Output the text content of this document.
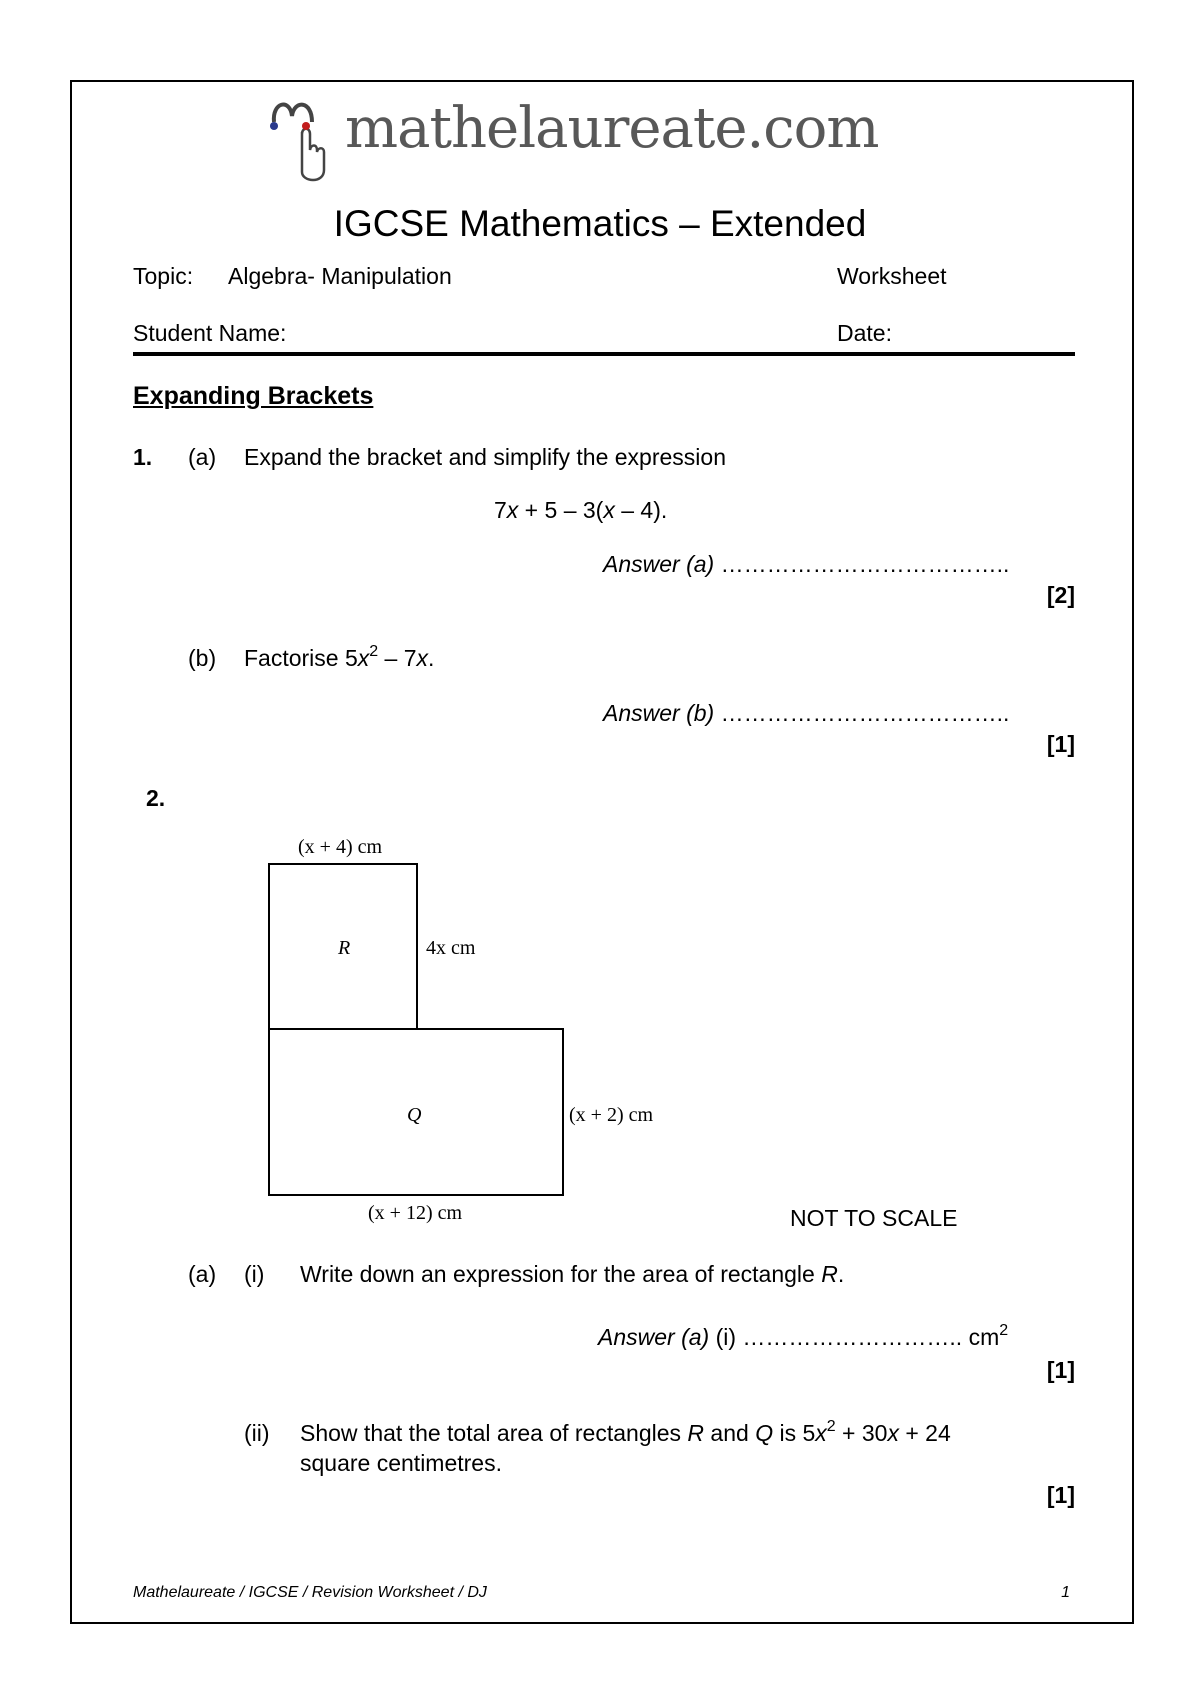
mathelaureate.com
IGCSE Mathematics – Extended
Topic: Algebra- Manipulation	Worksheet
Student Name:	Date:
Expanding Brackets
1. (a) Expand the bracket and simplify the expression
7x + 5 – 3(x – 4).
Answer (a) ………………………………..
[2]
(b) Factorise $5x^2 - 7x$.
Answer (b) ………………………………..
[1]
2.
(x + 4) cm
R	4x cm
Q	(x + 2) cm
(x + 12) cm	NOT TO SCALE
(a) (i) Write down an expression for the area of rectangle R.
Answer (a) (i) ……………………….. $cm^2$
[1]
(ii) Show that the total area of rectangles R and Q is $5x^2 + 30x + 24$
square centimetres.
[1]
Mathelaureate / IGCSE / Revision Worksheet / DJ	1
